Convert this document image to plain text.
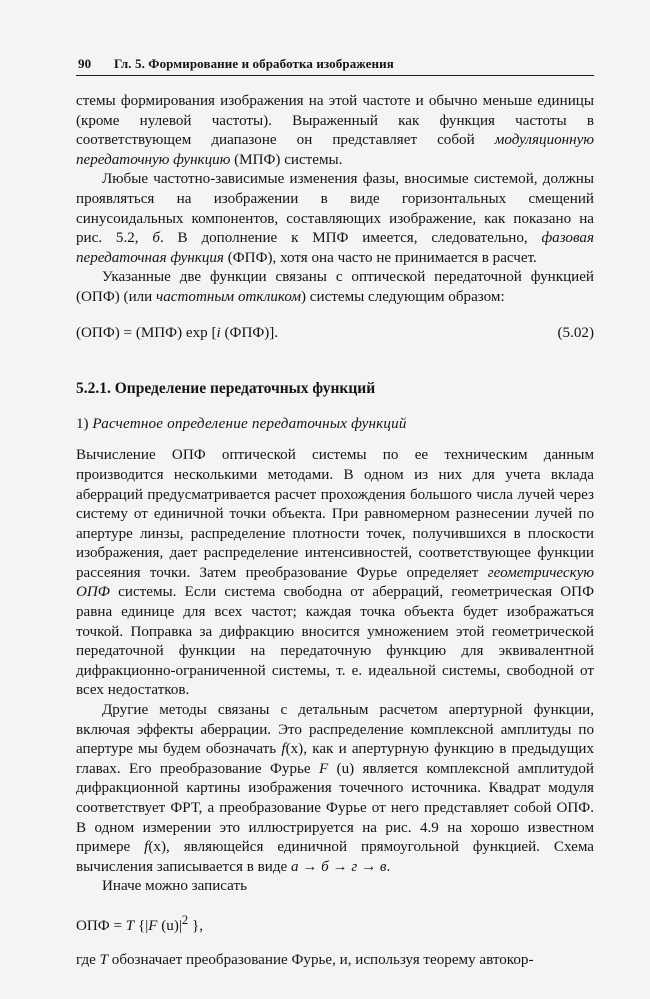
90 Гл. 5. Формирование и обработка изображения

стемы формирования изображения на этой частоте и обычно меньше единицы (кроме нулевой частоты). Выраженный как функция частоты в соответствующем диапазоне он представляет собой модуляционную передаточную функцию (МПФ) системы.

Любые частотно-зависимые изменения фазы, вносимые системой, должны проявляться на изображении в виде горизонтальных смещений синусоидальных компонентов, составляющих изображение, как показано на рис. 5.2, б. В дополнение к МПФ имеется, следовательно, фазовая передаточная функция (ФПФ), хотя она часто не принимается в расчет.

Указанные две функции связаны с оптической передаточной функцией (ОПФ) (или частотным откликом) системы следующим образом:

(ОПФ) = (МПФ) exp [i (ФПФ)].	(5.02)
5.2.1. Определение передаточных функций

1) Расчетное определение передаточных функций

Вычисление ОПФ оптической системы по ее техническим данным производится несколькими методами. В одном из них для учета вклада аберраций предусматривается расчет прохождения большого числа лучей через систему от единичной точки объекта. При равномерном разнесении лучей по апертуре линзы, распределение плотности точек, получившихся в плоскости изображения, дает распределение интенсивностей, соответствующее функции рассеяния точки. Затем преобразование Фурье определяет геометрическую ОПФ системы. Если система свободна от аберраций, геометрическая ОПФ равна единице для всех частот; каждая точка объекта будет изображаться точкой. Поправка за дифракцию вносится умножением этой геометрической передаточной функции на передаточную функцию для эквивалентной дифракционно-ограниченной системы, т. е. идеальной системы, свободной от всех недостатков.

Другие методы связаны с детальным расчетом апертурной функции, включая эффекты аберрации. Это распределение комплексной амплитуды по апертуре мы будем обозначать f(x), как и апертурную функцию в предыдущих главах. Его преобразование Фурье F (u) является комплексной амплитудой дифракционной картины изображения точечного источника. Квадрат модуля соответствует ФРТ, а преобразование Фурье от него представляет собой ОПФ. В одном измерении это иллюстрируется на рис. 4.9 на хорошо известном примере f(x), являющейся единичной прямоугольной функцией. Схема вычисления записывается в виде а → б → г → в.

Иначе можно записать

ОПФ = T {|F $(u)|^2$ },

где T обозначает преобразование Фурье, и, используя теорему автокор-
